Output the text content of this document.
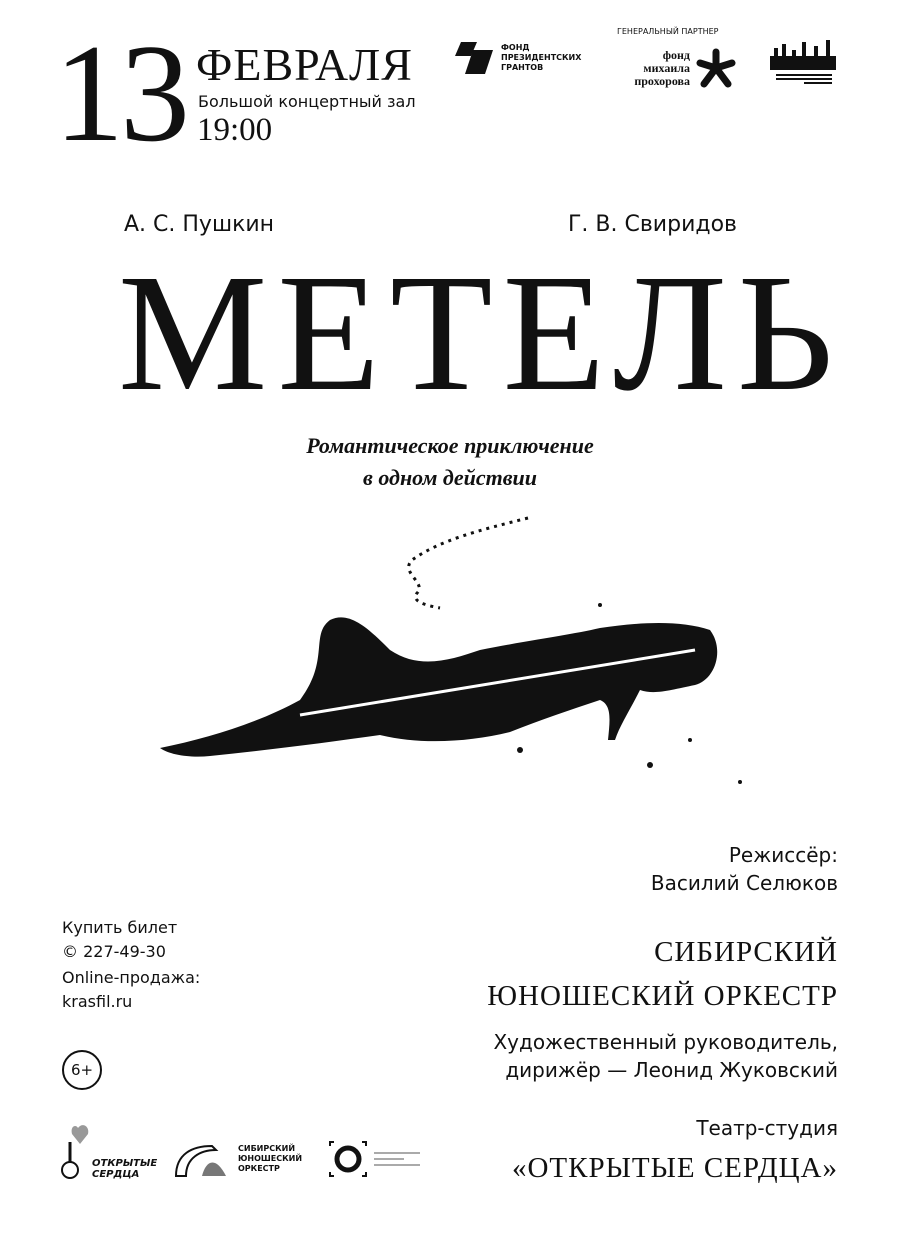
13 ФЕВРАЛЯ
Большой концертный зал
19:00
ФОНД ПРЕЗИДЕНТСКИХ ГРАНТОВ
ГЕНЕРАЛЬНЫЙ ПАРТНЕР
фонд михаила прохорова
А. С. Пушкин	Г. В. Свиридов
МЕТЕЛЬ
Романтическое приключение
в одном действии
Режиссёр:
Василий Селюков
Купить билет
© 227-49-30
Online-продажа:
krasfil.ru
6+
СИБИРСКИЙ
ЮНОШЕСКИЙ ОРКЕСТР
Художественный руководитель,
дирижёр — Леонид Жуковский
Театр-студия
«ОТКРЫТЫЕ СЕРДЦА»
ОТКРЫТЫЕ СЕРДЦА
СИБИРСКИЙ ЮНОШЕСКИЙ ОРКЕСТР
